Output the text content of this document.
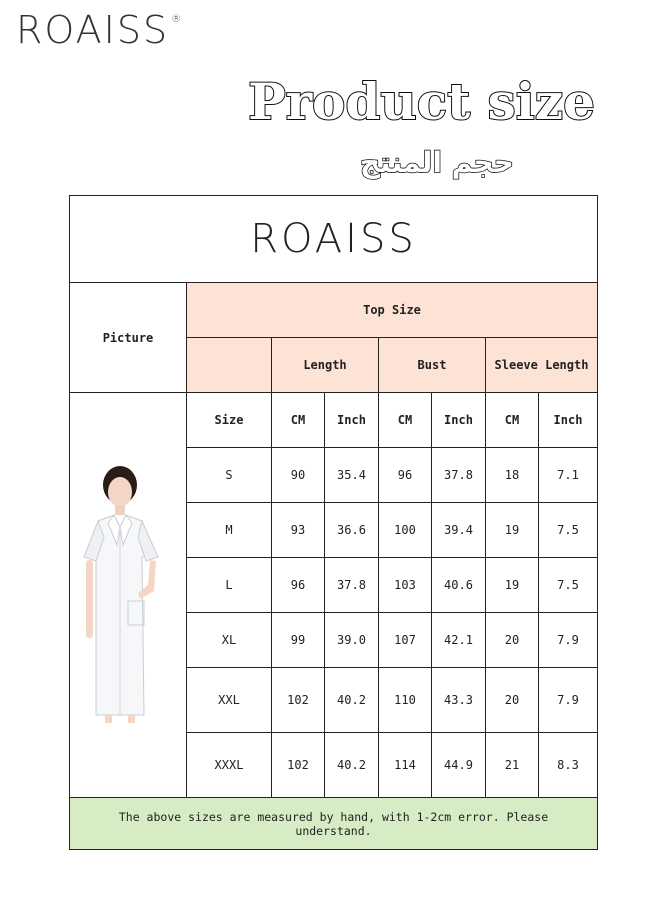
ROAISS ®
Product size
حجم المنتج
ROAISS							
Picture	Top Size						
		Length		Bust		Sleeve Length	

	Size	CM	Inch	CM	Inch	CM	Inch
	S	90	35.4	96	37.8	18	7.1
	M	93	36.6	100	39.4	19	7.5
	L	96	37.8	103	40.6	19	7.5
	XL	99	39.0	107	42.1	20	7.9
	XXL	102	40.2	110	43.3	20	7.9
	XXXL	102	40.2	114	44.9	21	8.3
The above sizes are measured by hand, with 1-2cm error. Please understand.							
